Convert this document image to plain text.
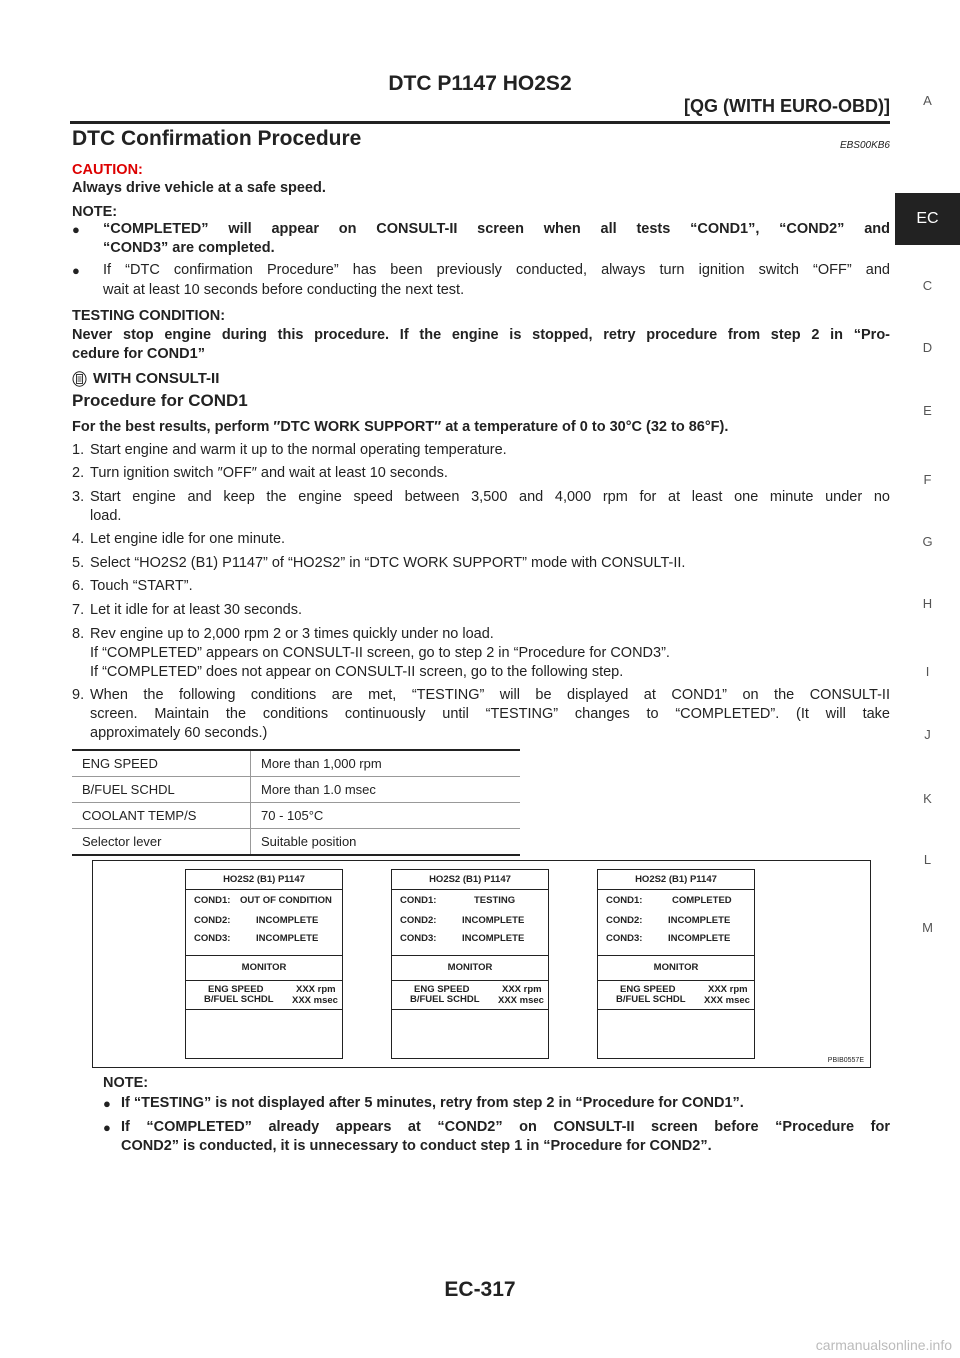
DTC P1147 HO2S2
[QG (WITH EURO-OBD)]
DTC Confirmation Procedure	EBS00KB6
A
EC
C
D
E
F
G
H
I
J
K
L
M
CAUTION:
Always drive vehicle at a safe speed.
NOTE:
● “COMPLETED” will appear on CONSULT-II screen when all tests “COND1”, “COND2” and
“COND3” are completed.
● If “DTC confirmation Procedure” has been previously conducted, always turn ignition switch “OFF” and
wait at least 10 seconds before conducting the next test.
TESTING CONDITION:
Never stop engine during this procedure. If the engine is stopped, retry procedure from step 2 in “Pro-
cedure for COND1”
WITH CONSULT-II
Procedure for COND1
For the best results, perform ″DTC WORK SUPPORT″ at a temperature of 0 to 30°C (32 to 86°F).
1. Start engine and warm it up to the normal operating temperature.
2. Turn ignition switch ″OFF″ and wait at least 10 seconds.
3. Start engine and keep the engine speed between 3,500 and 4,000 rpm for at least one minute under no
load.
4. Let engine idle for one minute.
5. Select “HO2S2 (B1) P1147” of “HO2S2” in “DTC WORK SUPPORT” mode with CONSULT-II.
6. Touch “START”.
7. Let it idle for at least 30 seconds.
8. Rev engine up to 2,000 rpm 2 or 3 times quickly under no load.
If “COMPLETED” appears on CONSULT-II screen, go to step 2 in “Procedure for COND3”.
If “COMPLETED” does not appear on CONSULT-II screen, go to the following step.
9. When the following conditions are met, “TESTING” will be displayed at COND1” on the CONSULT-II
screen. Maintain the conditions continuously until “TESTING” changes to “COMPLETED”. (It will take
approximately 60 seconds.)
ENG SPEED	More than 1,000 rpm
B/FUEL SCHDL	More than 1.0 msec
COOLANT TEMP/S	70 - 105°C
Selector lever	Suitable position
HO2S2 (B1) P1147
COND1: OUT OF CONDITION
COND2:	INCOMPLETE
COND3:	INCOMPLETE
MONITOR
ENG SPEED	XXX rpm
B/FUEL SCHDL XXX msec
HO2S2 (B1) P1147
COND1:	TESTING
COND2:	INCOMPLETE
COND3:	INCOMPLETE
MONITOR
ENG SPEED	XXX rpm
B/FUEL SCHDL XXX msec
HO2S2 (B1) P1147
COND1:	COMPLETED
COND2:	INCOMPLETE
COND3:	INCOMPLETE
MONITOR
ENG SPEED	XXX rpm
B/FUEL SCHDL XXX msec
PBIB0557E
NOTE:
● If “TESTING” is not displayed after 5 minutes, retry from step 2 in “Procedure for COND1”.
● If “COMPLETED” already appears at “COND2” on CONSULT-II screen before “Procedure for
COND2” is conducted, it is unnecessary to conduct step 1 in “Procedure for COND2”.
EC-317
carmanualsonline.info
